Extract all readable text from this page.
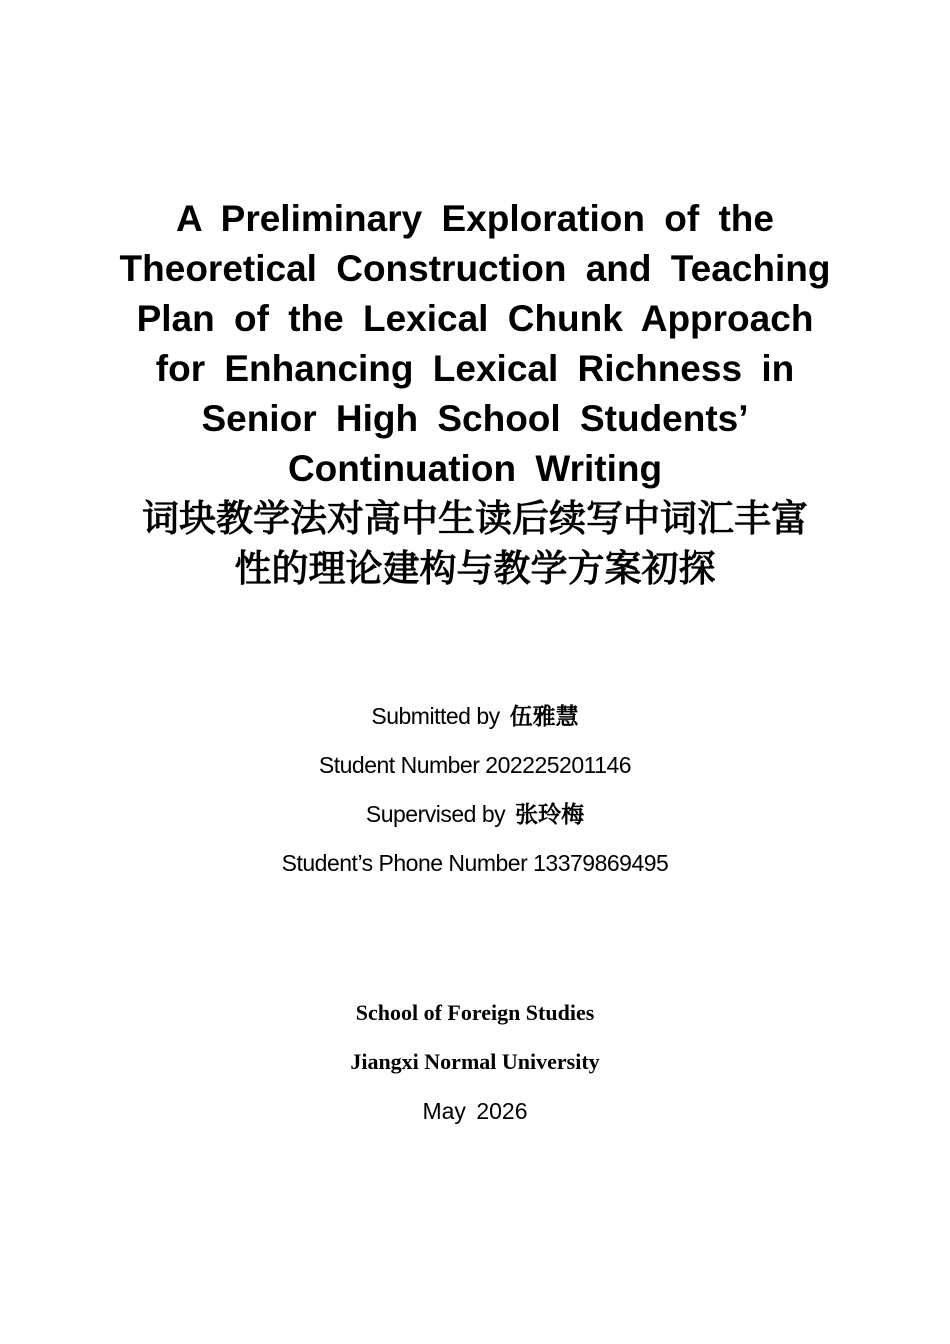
A Preliminary Exploration of the
Theoretical Construction and Teaching
Plan of the Lexical Chunk Approach
for Enhancing Lexical Richness in
Senior High School Students’
Continuation Writing
词块教学法对高中生读后续写中词汇丰富
性的理论建构与教学方案初探
Submitted by 伍雅慧
Student Number 202225201146
Supervised by 张玲梅
Student’s Phone Number 13379869495
School of Foreign Studies
Jiangxi Normal University
May 2026
